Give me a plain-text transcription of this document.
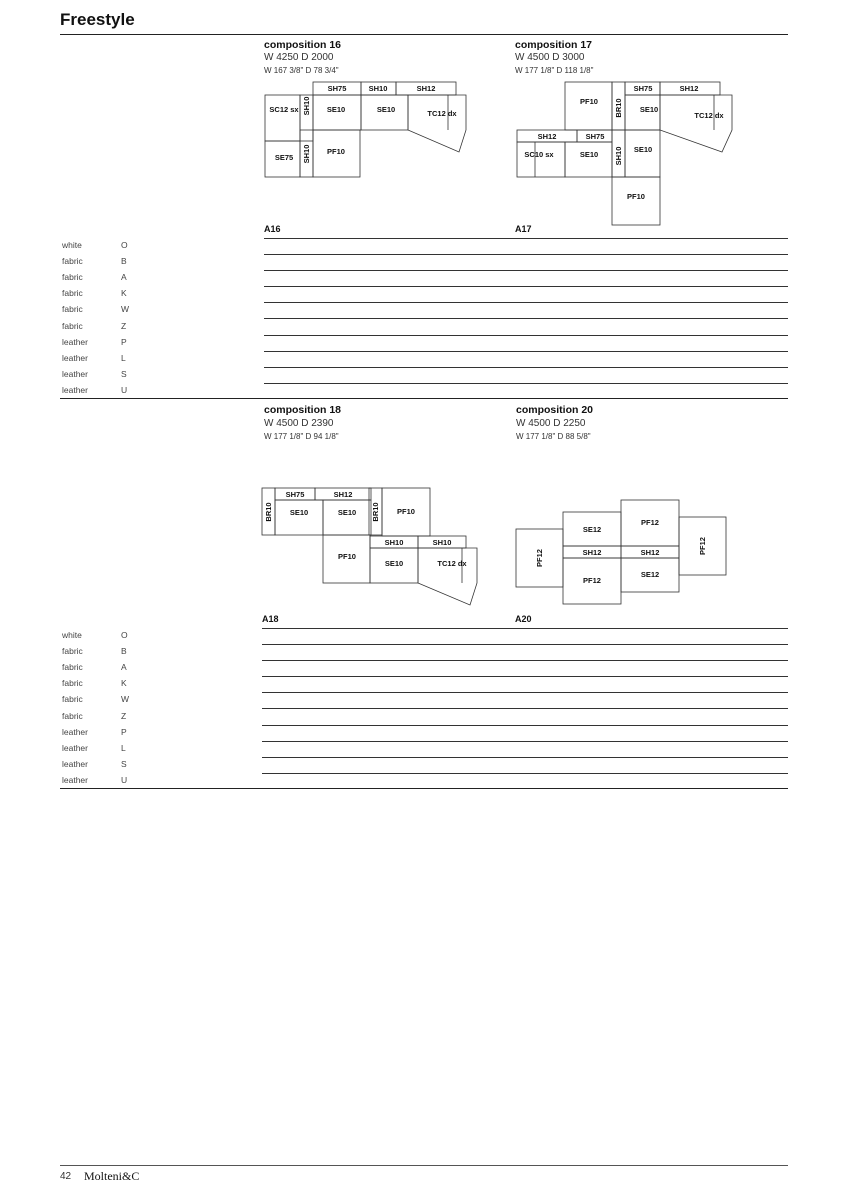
Freestyle
composition 16
W 4250 D 2000
W 167 3/8" D 78 3/4"
SH75	SH10	SH12
SC12 sx SH10 SE10	SE10	TC12 dx
SE75 SH10 PF10
A16
composition 17
W 4500 D 3000
W 177 1/8" D 118 1/8"
SH75	SH12
PF10 BR10 SE10
TC12 dx
SH12	SH75
SC10 sx	SE10 SH10 SE10
PF10
A17
white	O
fabric	B
fabric	A
fabric	K
fabric	W
fabric	Z
leather	P
leather	L
leather	S
leather	U
composition 18
W 4500 D 2390
W 177 1/8" D 94 1/8"
SH75	SH12
BR10 SE10	SE10 BR10 PF10
SH10	SH10
PF10
SE10	TC12 dx
A18
composition 20
W 4500 D 2250
W 177 1/8" D 88 5/8"
PF12
SE12
PF12
PF12
SH12	SH12
PF12
SE12
A20
white	O
fabric	B
fabric	A
fabric	K
fabric	W
fabric	Z
leather	P
leather	L
leather	S
leather	U
42 Molteni&C
